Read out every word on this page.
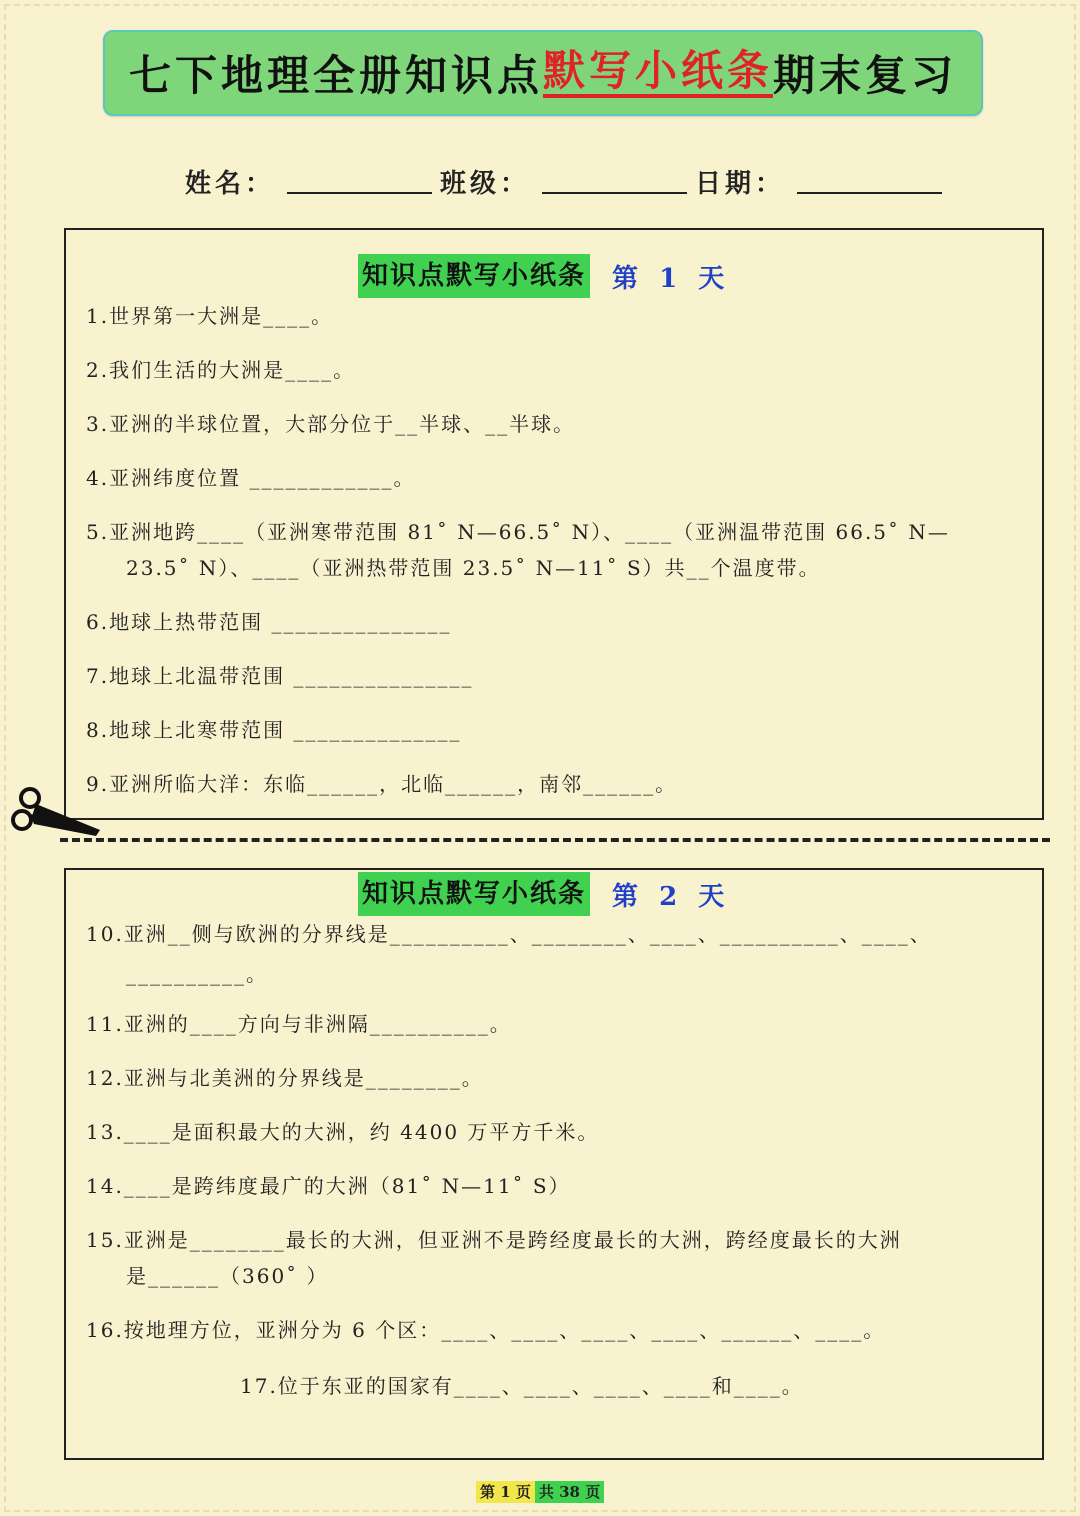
七下地理全册知识点 默写小纸条 期末复习
姓名：	班级：	日期：
知识点默写小纸条 第 1 天
1.世界第一大洲是____。
2.我们生活的大洲是____。
3.亚洲的半球位置，大部分位于__半球、__半球。
4.亚洲纬度位置 ____________。
5.亚洲地跨____（亚洲寒带范围 81˚ N—66.5˚ N）、____（亚洲温带范围 66.5˚ N—
23.5˚ N）、____（亚洲热带范围 23.5˚ N—11˚ S）共__个温度带。
6.地球上热带范围 _______________
7.地球上北温带范围 _______________
8.地球上北寒带范围 ______________
9.亚洲所临大洋：东临______，北临______，南邻______。
知识点默写小纸条 第 2 天
10.亚洲__侧与欧洲的分界线是__________、________、____、__________、____、
__________。
11.亚洲的____方向与非洲隔__________。
12.亚洲与北美洲的分界线是________。
13.____是面积最大的大洲，约 4400 万平方千米。
14.____是跨纬度最广的大洲（81˚ N—11˚ S）
15.亚洲是________最长的大洲，但亚洲不是跨经度最长的大洲，跨经度最长的大洲
是______（360˚ ）
16.按地理方位，亚洲分为 6 个区：____、____、____、____、______、____。
17.位于东亚的国家有____、____、____、____和____。
第 1 页 共 38 页
